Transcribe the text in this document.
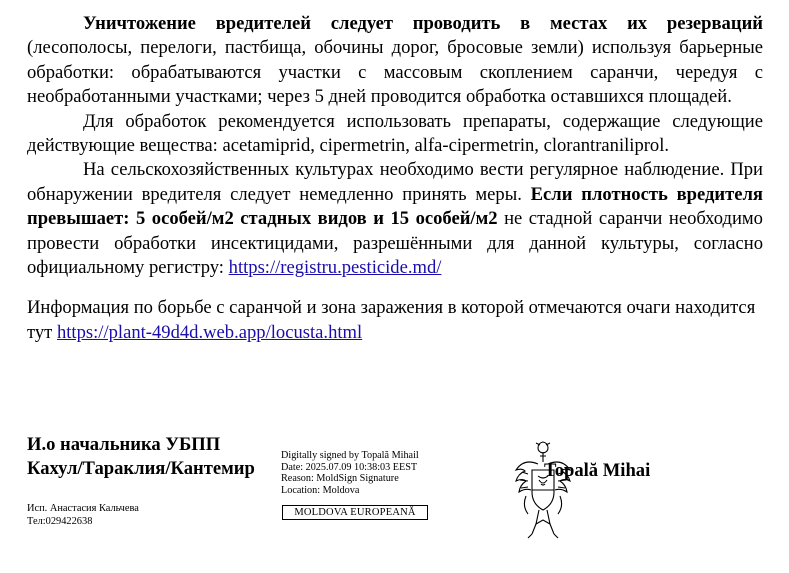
Уничтожение вредителей следует проводить в местах их резерваций (лесополосы, перелоги, пастбища, обочины дорог, бросовые земли) используя барьерные обработки: обрабатываются участки с массовым скоплением саранчи, чередуя с необработанными участками; через 5 дней проводится обработка оставшихся площадей.

Для обработок рекомендуется использовать препараты, содержащие следующие действующие вещества: acetamiprid, cipermetrin, alfa-cipermetrin, clorantraniliprol.

На сельскохозяйственных культурах необходимо вести регулярное наблюдение. При обнаружении вредителя следует немедленно принять меры. Если плотность вредителя превышает: 5 особей/м2 стадных видов и 15 особей/м2 не стадной саранчи необходимо провести обработки инсектицидами, разрешёнными для данной культуры, согласно официальному регистру: https://registru.pesticide.md/

Информация по борьбе с саранчой и зона заражения в которой отмечаются очаги находится тут https://plant-49d4d.web.app/locusta.html

И.о начальника УБПП
Кахул/Тараклия/Кантемир
Digitally signed by Topală Mihail
Date: 2025.07.09 10:38:03 EEST
Reason: MoldSign Signature
Location: Moldova
MOLDOVA EUROPEANĂ
Topală Mihai
Исп. Анастасия Кальчева
Тел:029422638
